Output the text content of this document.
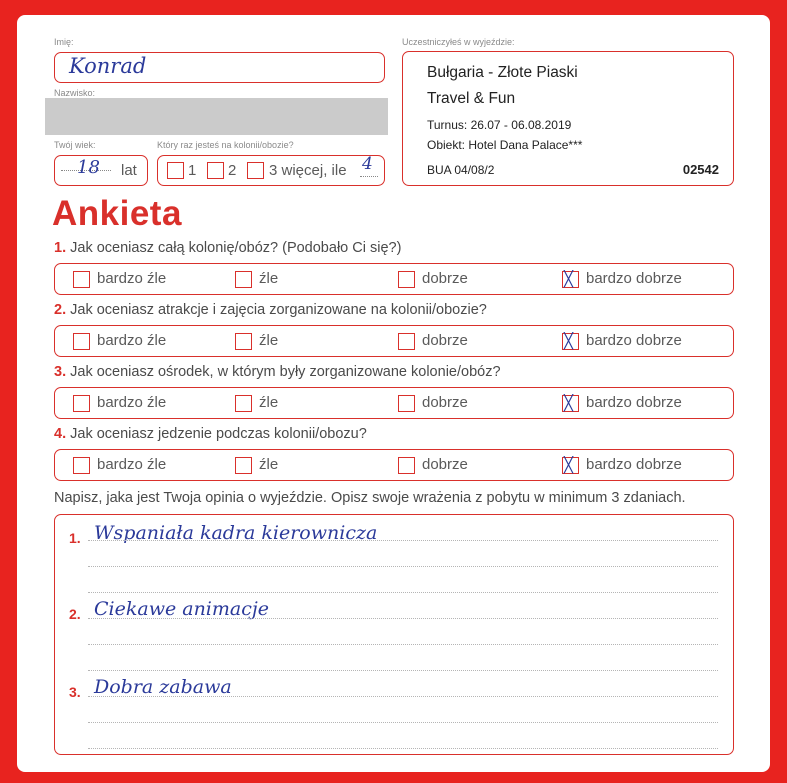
Imię:
Konrad
Nazwisko:
Twój wiek:
18 lat
Który raz jesteś na kolonii/obozie?
1 2 3 więcej, ile 4
Uczestniczyłeś w wyjeździe:
Bułgaria - Złote Piaski
Travel & Fun
Turnus: 26.07 - 06.08.2019
Obiekt: Hotel Dana Palace***
BUA 04/08/2	02542
Ankieta
1. Jak oceniasz całą kolonię/obóz? (Podobało Ci się?)
bardzo źle	źle	dobrze	╳ bardzo dobrze
2. Jak oceniasz atrakcje i zajęcia zorganizowane na kolonii/obozie?
bardzo źle	źle	dobrze	╳ bardzo dobrze
3. Jak oceniasz ośrodek, w którym były zorganizowane kolonie/obóz?
bardzo źle	źle	dobrze	╳ bardzo dobrze
4. Jak oceniasz jedzenie podczas kolonii/obozu?
bardzo źle	źle	dobrze	╳ bardzo dobrze
Napisz, jaka jest Twoja opinia o wyjeździe. Opisz swoje wrażenia z pobytu w minimum 3 zdaniach.
1. Wspaniała kadra kierownicza
2. Ciekawe animacje
3. Dobra zabawa
